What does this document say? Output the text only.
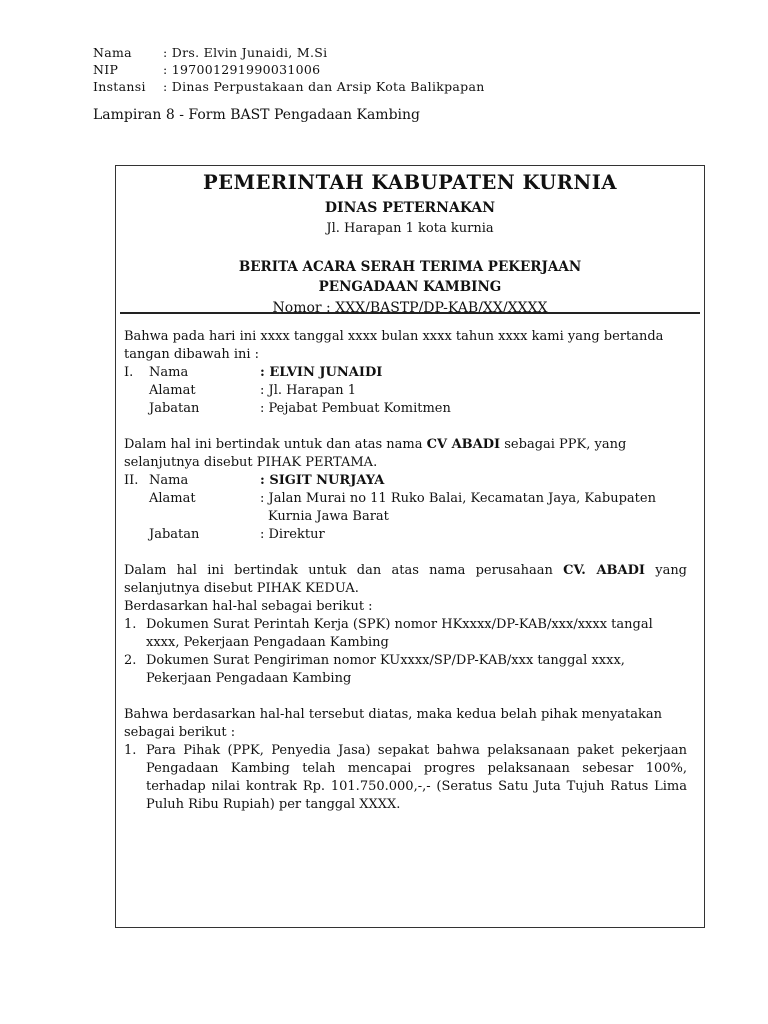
Nama	: Drs. Elvin Junaidi, M.Si
NIP	: 197001291990031006
Instansi	: Dinas Perpustakaan dan Arsip Kota Balikpapan
Lampiran 8 - Form BAST Pengadaan Kambing
PEMERINTAH KABUPATEN KURNIA
DINAS PETERNAKAN
Jl. Harapan 1 kota kurnia
BERITA ACARA SERAH TERIMA PEKERJAAN
PENGADAAN KAMBING
Nomor : XXX/BASTP/DP-KAB/XX/XXXX

Bahwa pada hari ini xxxx tanggal xxxx bulan xxxx tahun xxxx kami yang bertanda tangan dibawah ini :

I.	Nama	: ELVIN JUNAIDI
Alamat	: Jl. Harapan 1
Jabatan	: Pejabat Pembuat Komitmen

Dalam hal ini bertindak untuk dan atas nama CV ABADI sebagai PPK, yang selanjutnya disebut PIHAK PERTAMA.

II. Nama	: SIGIT NURJAYA
Alamat	: Jalan Murai no 11 Ruko Balai, Kecamatan Jaya, Kabupaten
Kurnia Jawa Barat
Jabatan	: Direktur

Dalam hal ini bertindak untuk dan atas nama perusahaan CV. ABADI yang selanjutnya disebut PIHAK KEDUA.

Berdasarkan hal-hal sebagai berikut :

1. Dokumen Surat Perintah Kerja (SPK) nomor HKxxxx/DP-KAB/xxx/xxxx tangal xxxx, Pekerjaan Pengadaan Kambing
2. Dokumen Surat Pengiriman nomor KUxxxx/SP/DP-KAB/xxx tanggal xxxx, Pekerjaan Pengadaan Kambing

Bahwa berdasarkan hal-hal tersebut diatas, maka kedua belah pihak menyatakan sebagai berikut :

1. Para Pihak (PPK, Penyedia Jasa) sepakat bahwa pelaksanaan paket pekerjaan Pengadaan Kambing telah mencapai progres pelaksanaan sebesar 100%, terhadap nilai kontrak Rp. 101.750.000,-,- (Seratus Satu Juta Tujuh Ratus Lima Puluh Ribu Rupiah) per tanggal XXXX.
